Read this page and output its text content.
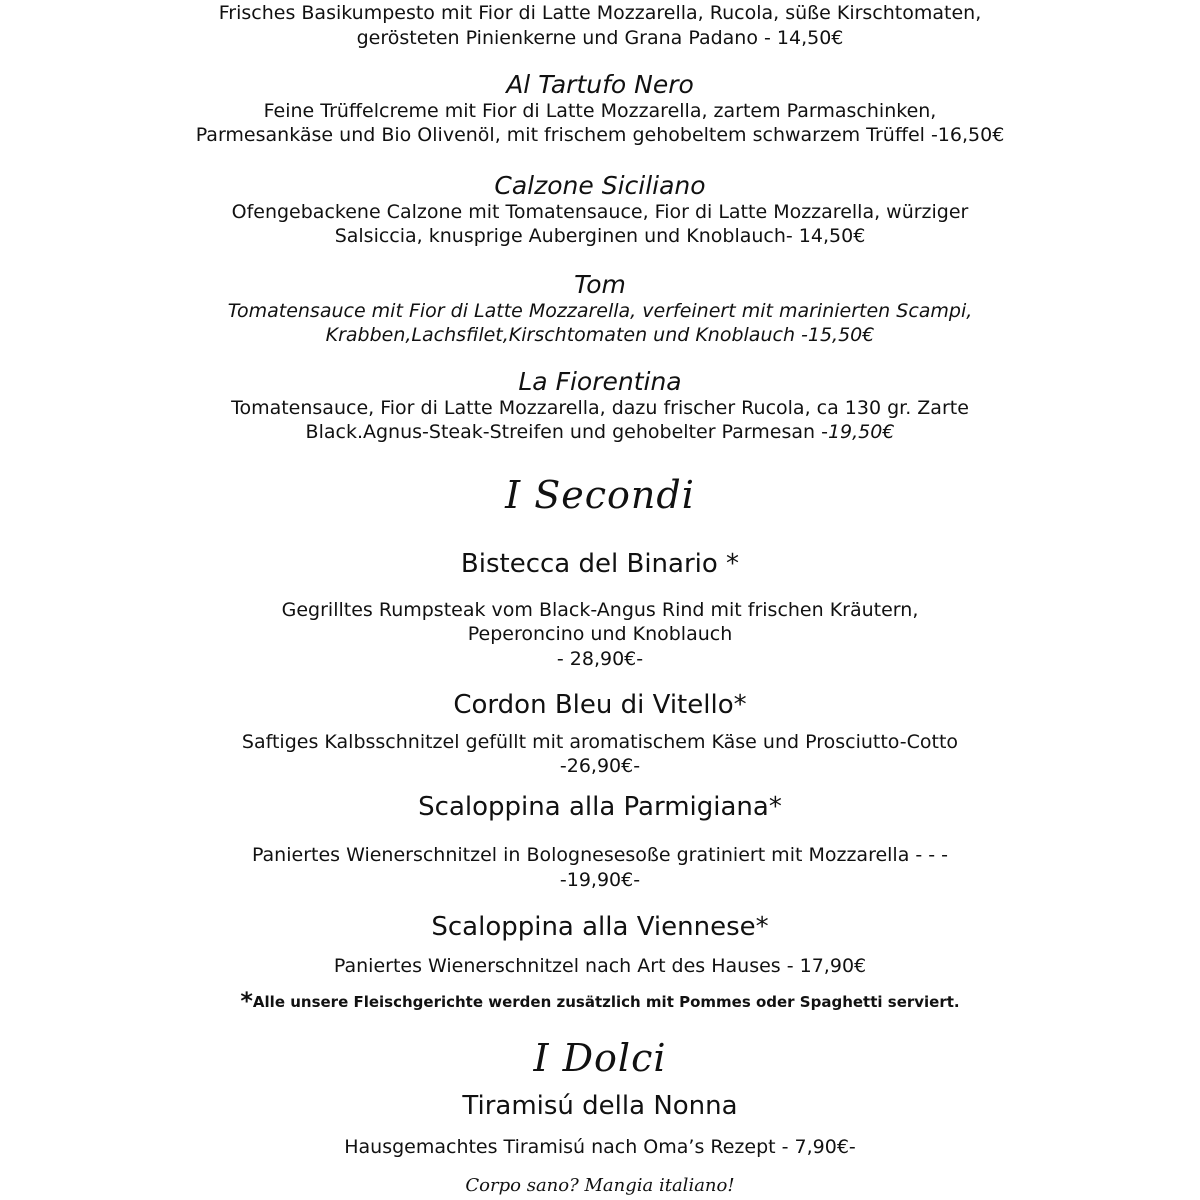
Frisches Basikumpesto mit Fior di Latte Mozzarella, Rucola, süße Kirschtomaten,
gerösteten Pinienkerne und Grana Padano - 14,50€
Al Tartufo Nero
Feine Trüffelcreme mit Fior di Latte Mozzarella, zartem Parmaschinken,
Parmesankäse und Bio Olivenöl, mit frischem gehobeltem schwarzem Trüffel -16,50€
Calzone Siciliano
Ofengebackene Calzone mit Tomatensauce, Fior di Latte Mozzarella, würziger
Salsiccia, knusprige Auberginen und Knoblauch- 14,50€
Tom
Tomatensauce mit Fior di Latte Mozzarella, verfeinert mit marinierten Scampi,
Krabben,Lachsfilet,Kirschtomaten und Knoblauch -15,50€
La Fiorentina
Tomatensauce, Fior di Latte Mozzarella, dazu frischer Rucola, ca 130 gr. Zarte
Black.Agnus-Steak-Streifen und gehobelter Parmesan -19,50€
I Secondi
Bistecca del Binario *
Gegrilltes Rumpsteak vom Black-Angus Rind mit frischen Kräutern,
Peperoncino und Knoblauch
- 28,90€-
Cordon Bleu di Vitello*
Saftiges Kalbsschnitzel gefüllt mit aromatischem Käse und Prosciutto-Cotto
-26,90€-
Scaloppina alla Parmigiana*
Paniertes Wienerschnitzel in Bolognesesoße gratiniert mit Mozzarella - - -
-19,90€-
Scaloppina alla Viennese*
Paniertes Wienerschnitzel nach Art des Hauses - 17,90€
*Alle unsere Fleischgerichte werden zusätzlich mit Pommes oder Spaghetti serviert.
I Dolci
Tiramisú della Nonna
Hausgemachtes Tiramisú nach Oma’s Rezept - 7,90€-
Corpo sano? Mangia italiano!
